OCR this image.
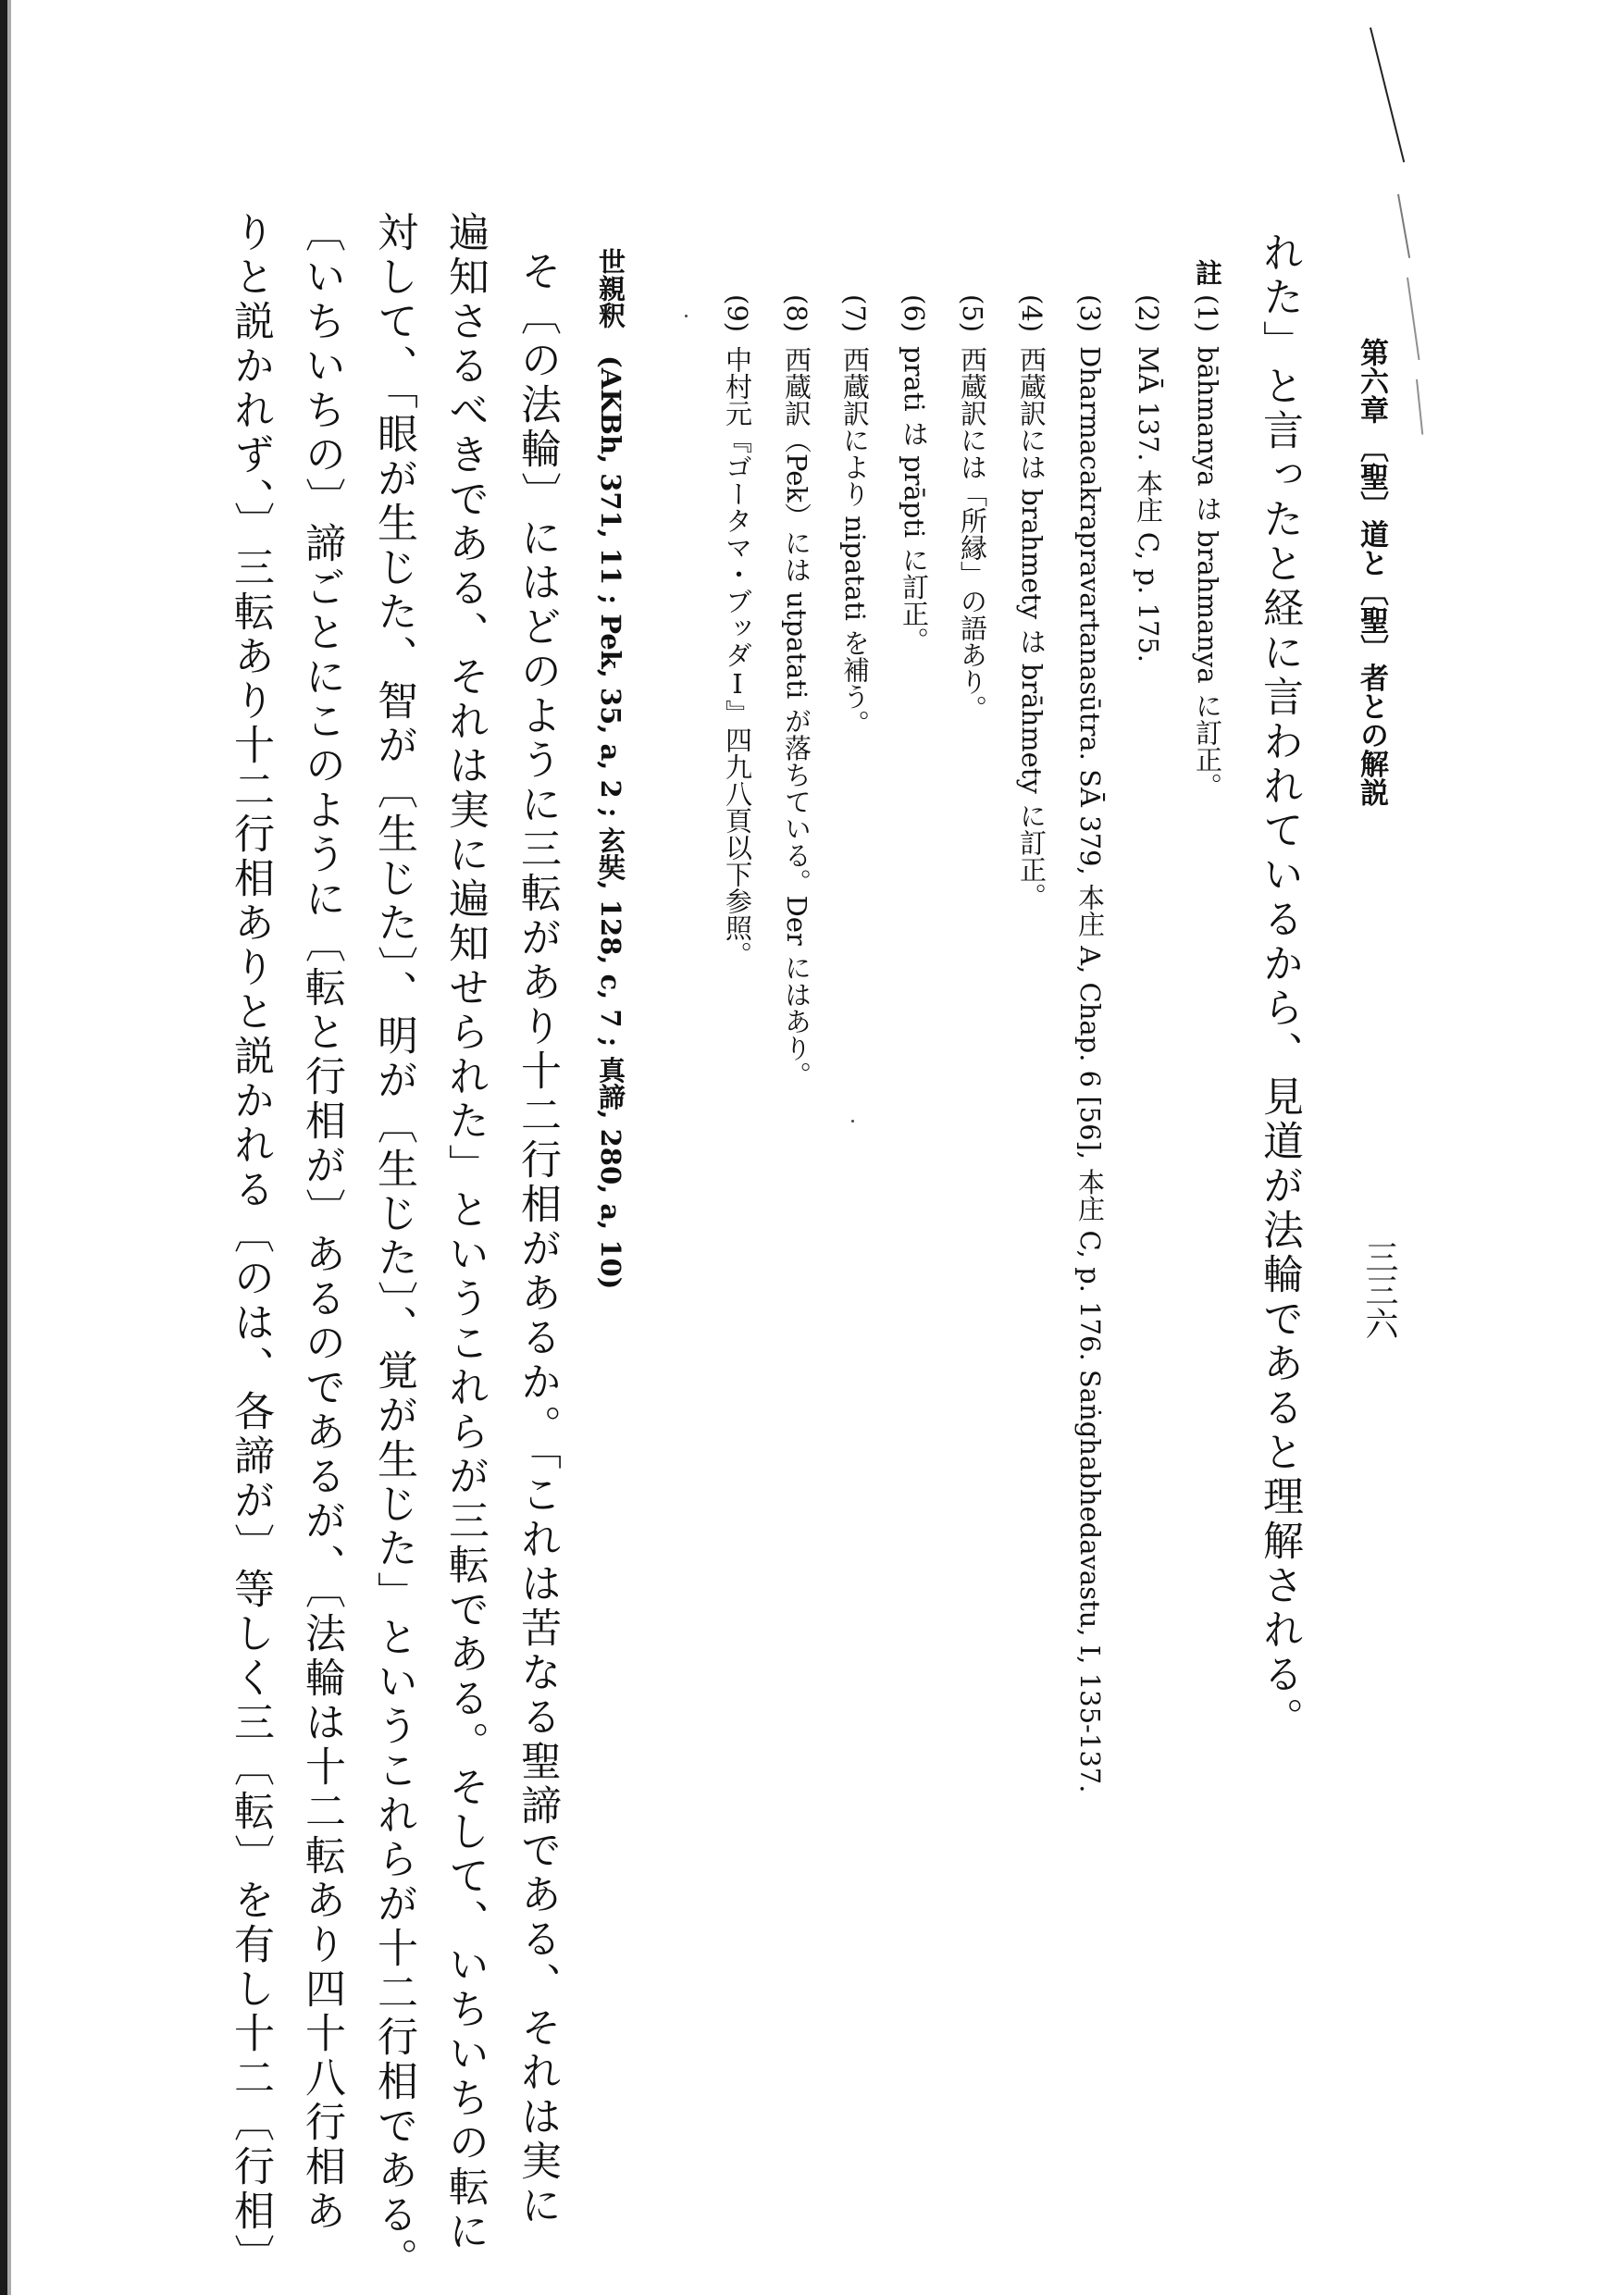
第六章 〔聖〕道と〔聖〕者との解説
三三六
れた」と言ったと経に言われているから、見道が法輪であると理解される。
註
(1) bāhmanya は brahmanya に訂正。
(2) MĀ 137. 本庄 C, p. 175.
(3) Dharmacakrapravartanasūtra. SĀ 379, 本庄 A, Chap. 6 [56], 本庄 C, p. 176. Saṅghabhedavastu, I, 135-137.
(4) 西蔵訳には brahmety は brāhmety に訂正。
(5) 西蔵訳には「所縁」の語あり。
(6) prati は prāpti に訂正。
(7) 西蔵訳により nipatati を補う。
(8) 西蔵訳（Pek）には utpatati が落ちている。Der にはあり。
(9) 中村元『ゴータマ・ブッダⅠ』四九八頁以下参照。
世親釈　(AKBh, 371, 11 ; Pek, 35, a, 2 ; 玄奘, 128, c, 7 ; 真諦, 280, a, 10)
そ〔の法輪〕にはどのように三転があり十二行相があるか。「これは苦なる聖諦である、それは実に
遍知さるべきである、それは実に遍知せられた」というこれらが三転である。そして、いちいちの転に
対して、「眼が生じた、智が〔生じた〕、明が〔生じた〕、覚が生じた」というこれらが十二行相である。
〔いちいちの〕諦ごとにこのように〔転と行相が〕あるのであるが、〔法輪は十二転あり四十八行相あ
りと説かれず、〕三転あり十二行相ありと説かれる〔のは、各諦が〕等しく三〔転〕を有し十二〔行相〕
